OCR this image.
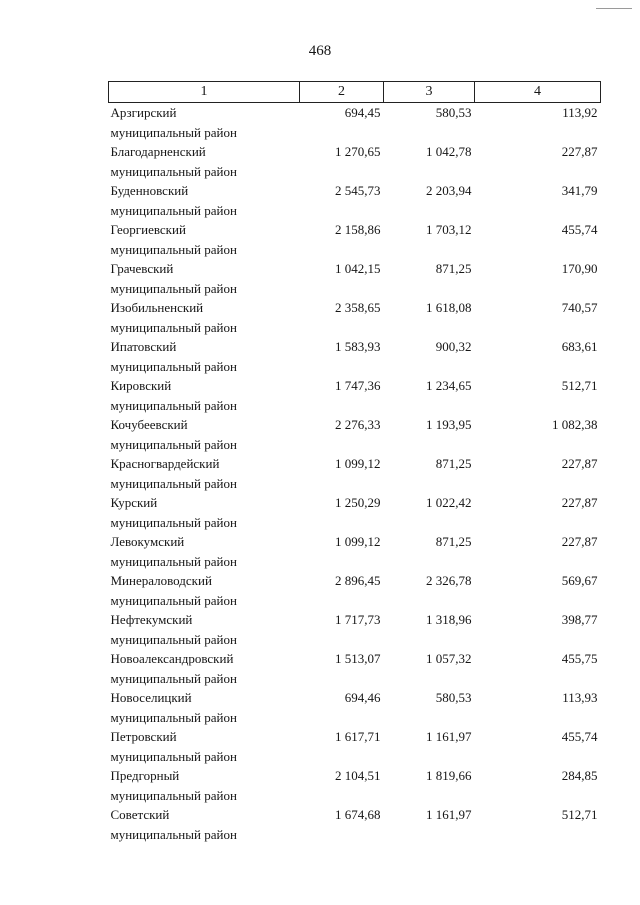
468
1	2	3	4

Арзгирский
муниципальный район	694,45	580,53	113,92

Благодарненский
муниципальный район	1 270,65	1 042,78	227,87

Буденновский
муниципальный район	2 545,73	2 203,94	341,79

Георгиевский
муниципальный район	2 158,86	1 703,12	455,74

Грачевский
муниципальный район	1 042,15	871,25	170,90

Изобильненский
муниципальный район	2 358,65	1 618,08	740,57

Ипатовский
муниципальный район	1 583,93	900,32	683,61

Кировский
муниципальный район	1 747,36	1 234,65	512,71

Кочубеевский
муниципальный район	2 276,33	1 193,95	1 082,38

Красногвардейский
муниципальный район	1 099,12	871,25	227,87

Курский
муниципальный район	1 250,29	1 022,42	227,87

Левокумский
муниципальный район	1 099,12	871,25	227,87

Минераловодский
муниципальный район	2 896,45	2 326,78	569,67

Нефтекумский
муниципальный район	1 717,73	1 318,96	398,77

Новоалександровский
муниципальный район	1 513,07	1 057,32	455,75

Новоселицкий
муниципальный район	694,46	580,53	113,93

Петровский
муниципальный район	1 617,71	1 161,97	455,74

Предгорный
муниципальный район	2 104,51	1 819,66	284,85

Советский
муниципальный район	1 674,68	1 161,97	512,71
